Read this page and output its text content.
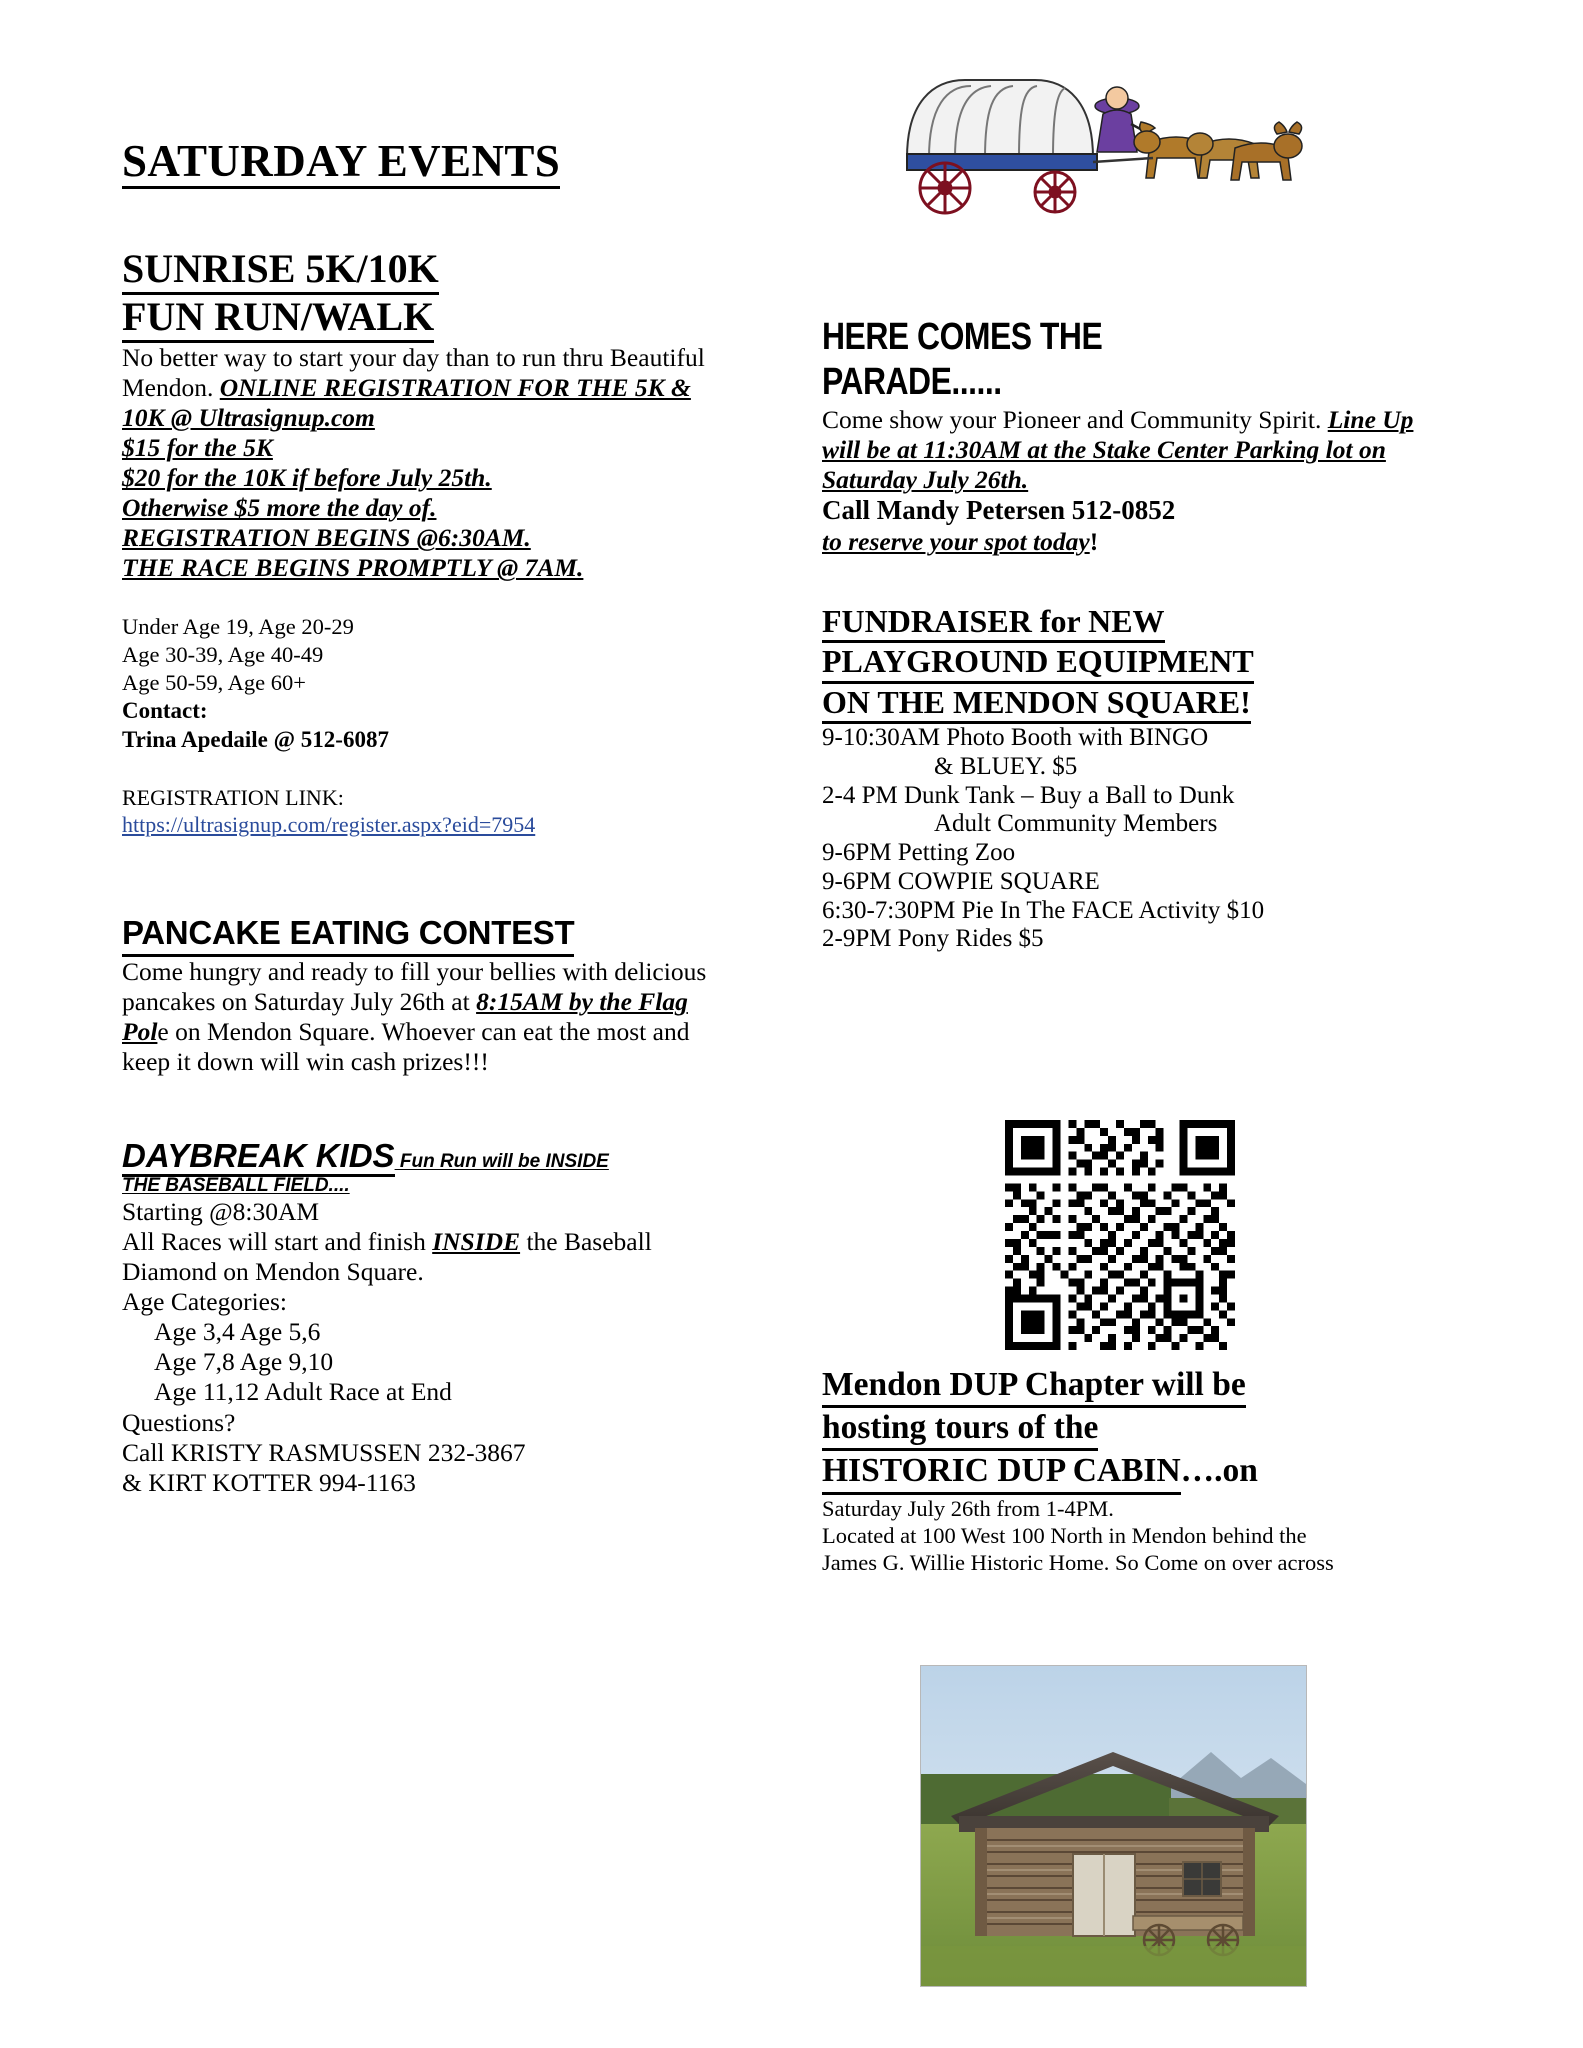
SATURDAY EVENTS
SUNRISE 5K/10K
FUN RUN/WALK

No better way to start your day than to run thru Beautiful Mendon. ONLINE REGISTRATION FOR THE 5K & 10K @ Ultrasignup.com
$15 for the 5K
$20 for the 10K if before July 25th.
Otherwise $5 more the day of.
REGISTRATION BEGINS @6:30AM.
THE RACE BEGINS PROMPTLY @ 7AM.

Under Age 19, Age 20-29
Age 30-39, Age 40-49
Age 50-59, Age 60+
Contact:
Trina Apedaile @ 512-6087

REGISTRATION LINK:

https://ultrasignup.com/register.aspx?eid=7954
PANCAKE EATING CONTEST

Come hungry and ready to fill your bellies with delicious pancakes on Saturday July 26th at 8:15AM by the Flag Pole on Mendon Square. Whoever can eat the most and keep it down will win cash prizes!!!

DAYBREAK KIDS Fun Run will be INSIDE
THE BASEBALL FIELD....

Starting @8:30AM
All Races will start and finish INSIDE the Baseball Diamond on Mendon Square.
Age Categories:

Age 3,4 Age 5,6
Age 7,8 Age 9,10
Age 11,12 Adult Race at End

Questions?
Call KRISTY RASMUSSEN 232-3867
& KIRT KOTTER 994-1163

HERE COMES THE
PARADE......

Come show your Pioneer and Community Spirit. Line Up will be at 11:30AM at the Stake Center Parking lot on Saturday July 26th.
Call Mandy Petersen 512-0852
to reserve your spot today!

FUNDRAISER for NEW
PLAYGROUND EQUIPMENT
ON THE MENDON SQUARE!

9-10:30AM Photo Booth with BINGO

& BLUEY. $5

2-4 PM Dunk Tank – Buy a Ball to Dunk

Adult Community Members

9-6PM Petting Zoo

9-6PM COWPIE SQUARE

6:30-7:30PM Pie In The FACE Activity $10

2-9PM Pony Rides $5

Mendon DUP Chapter will be
hosting tours of the
HISTORIC DUP CABIN….on

Saturday July 26th from 1-4PM.
Located at 100 West 100 North in Mendon behind the
James G. Willie Historic Home. So Come on over across
